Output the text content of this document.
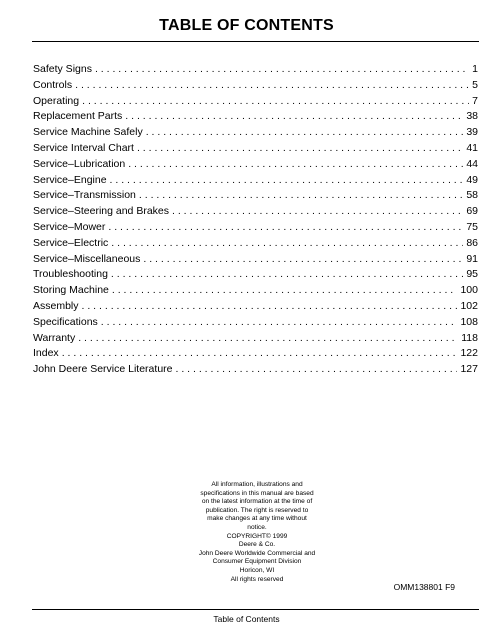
TABLE OF CONTENTS
Safety Signs . . .	1
Controls . . .	5
Operating . . .	7
Replacement Parts . . .	38
Service Machine Safely . . .	39
Service Interval Chart . . .	41
Service–Lubrication . . .	44
Service–Engine . . .	49
Service–Transmission . . .	58
Service–Steering and Brakes . . .	69
Service–Mower . . .	75
Service–Electric . . .	86
Service–Miscellaneous . . .	91
Troubleshooting . . .	95
Storing Machine . . .	100
Assembly . . .	102
Specifications . . .	108
Warranty . . .	118
Index . . .	122
John Deere Service Literature . . .	127

All information, illustrations and

specifications in this manual are based

on the latest information at the time of

publication. The right is reserved to

make changes at any time without

notice.

COPYRIGHT© 1999

Deere & Co.

John Deere Worldwide Commercial and

Consumer Equipment Division

Horicon, WI

All rights reserved

OMM138801 F9
Table of Contents
